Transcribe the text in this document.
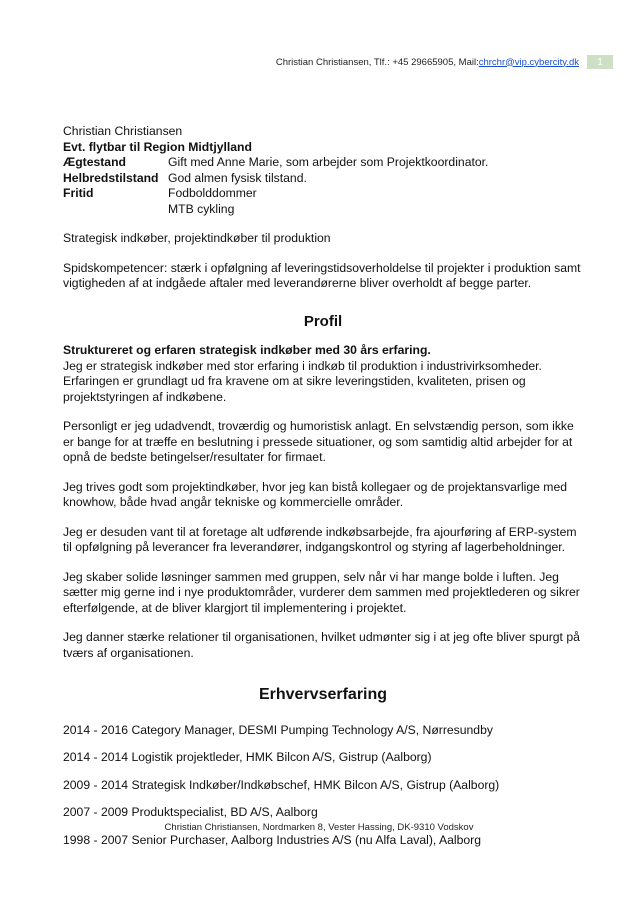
Christian Christiansen, Tlf.: +45 29665905, Mail: chrchr@vip.cybercity.dk	1
Christian Christiansen
Evt. flytbar til Region Midtjylland
Ægtestand	Gift med Anne Marie, som arbejder som Projektkoordinator.
Helbredstilstand God almen fysisk tilstand.
Fritid	Fodbolddommer
MTB cykling

Strategisk indkøber, projektindkøber til produktion

Spidskompetencer: stærk i opfølgning af leveringstidsoverholdelse til projekter i produktion samt vigtigheden af at indgåede aftaler med leverandørerne bliver overholdt af begge parter.

Profil
Struktureret og erfaren strategisk indkøber med 30 års erfaring.

Jeg er strategisk indkøber med stor erfaring i indkøb til produktion i industrivirksomheder. Erfaringen er grundlagt ud fra kravene om at sikre leveringstiden, kvaliteten, prisen og projektstyringen af indkøbene.

Personligt er jeg udadvendt, troværdig og humoristisk anlagt. En selvstændig person, som ikke er bange for at træffe en beslutning i pressede situationer, og som samtidig altid arbejder for at opnå de bedste betingelser/resultater for firmaet.

Jeg trives godt som projektindkøber, hvor jeg kan bistå kollegaer og de projektansvarlige med knowhow, både hvad angår tekniske og kommercielle områder.

Jeg er desuden vant til at foretage alt udførende indkøbsarbejde, fra ajourføring af ERP-system til opfølgning på leverancer fra leverandører, indgangskontrol og styring af lagerbeholdninger.

Jeg skaber solide løsninger sammen med gruppen, selv når vi har mange bolde i luften. Jeg sætter mig gerne ind i nye produktområder, vurderer dem sammen med projektlederen og sikrer efterfølgende, at de bliver klargjort til implementering i projektet.

Jeg danner stærke relationer til organisationen, hvilket udmønter sig i at jeg ofte bliver spurgt på tværs af organisationen.

Erhvervserfaring
2014 - 2016 Category Manager, DESMI Pumping Technology A/S, Nørresundby
2014 - 2014 Logistik projektleder, HMK Bilcon A/S, Gistrup (Aalborg)
2009 - 2014 Strategisk Indkøber/Indkøbschef, HMK Bilcon A/S, Gistrup (Aalborg)
2007 - 2009 Produktspecialist, BD A/S, Aalborg
1998 - 2007 Senior Purchaser, Aalborg Industries A/S (nu Alfa Laval), Aalborg
Christian Christiansen, Nordmarken 8, Vester Hassing, DK-9310 Vodskov
